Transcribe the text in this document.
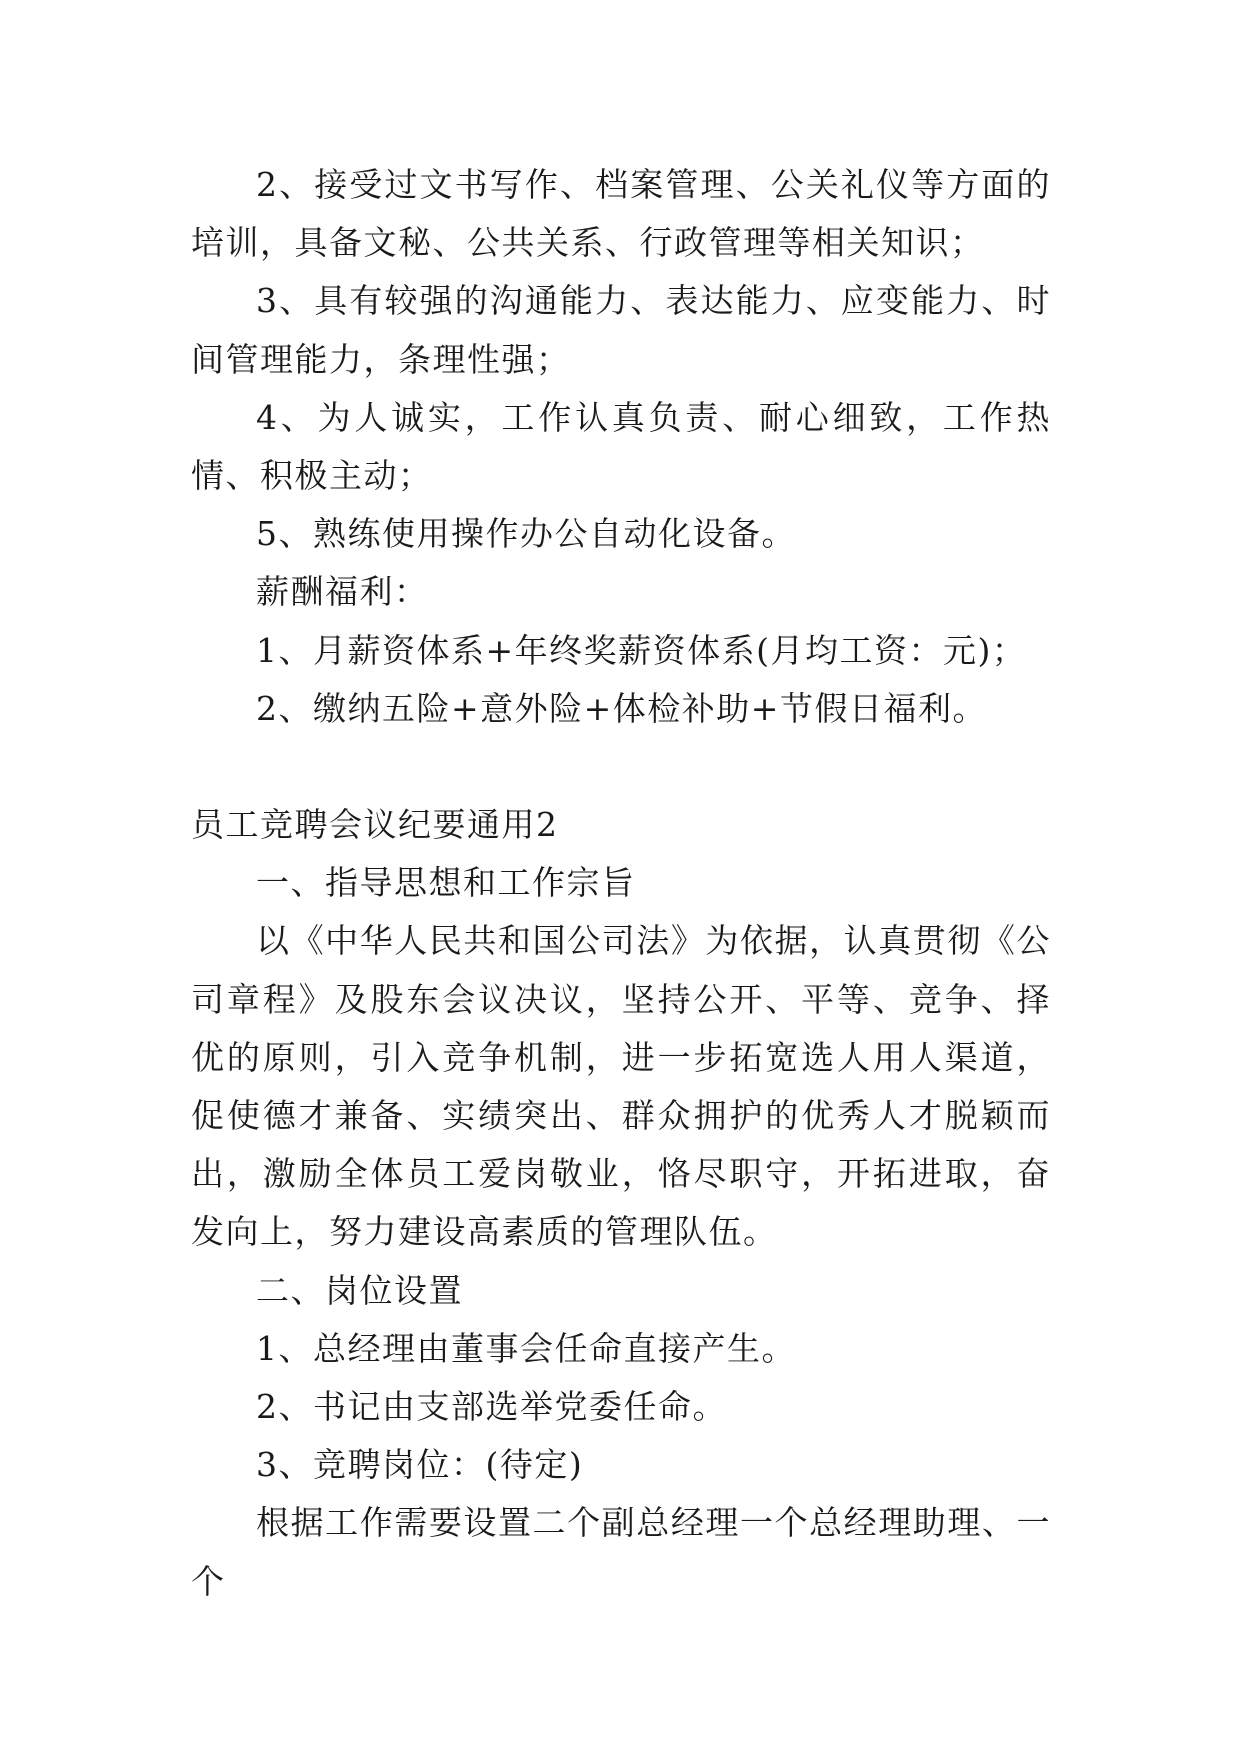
2、接受过文书写作、档案管理、公关礼仪等方面的培训，具备文秘、公共关系、行政管理等相关知识；

3、具有较强的沟通能力、表达能力、应变能力、时间管理能力，条理性强；

4、为人诚实，工作认真负责、耐心细致，工作热情、积极主动；

5、熟练使用操作办公自动化设备。

薪酬福利：

1、月薪资体系+年终奖薪资体系(月均工资：元)；

2、缴纳五险+意外险+体检补助+节假日福利。

员工竞聘会议纪要通用2

一、指导思想和工作宗旨

以《中华人民共和国公司法》为依据，认真贯彻《公司章程》及股东会议决议，坚持公开、平等、竞争、择优的原则，引入竞争机制，进一步拓宽选人用人渠道，促使德才兼备、实绩突出、群众拥护的优秀人才脱颖而出，激励全体员工爱岗敬业，恪尽职守，开拓进取，奋发向上，努力建设高素质的管理队伍。

二、岗位设置

1、总经理由董事会任命直接产生。

2、书记由支部选举党委任命。

3、竞聘岗位：(待定)

根据工作需要设置二个副总经理一个总经理助理、一个
